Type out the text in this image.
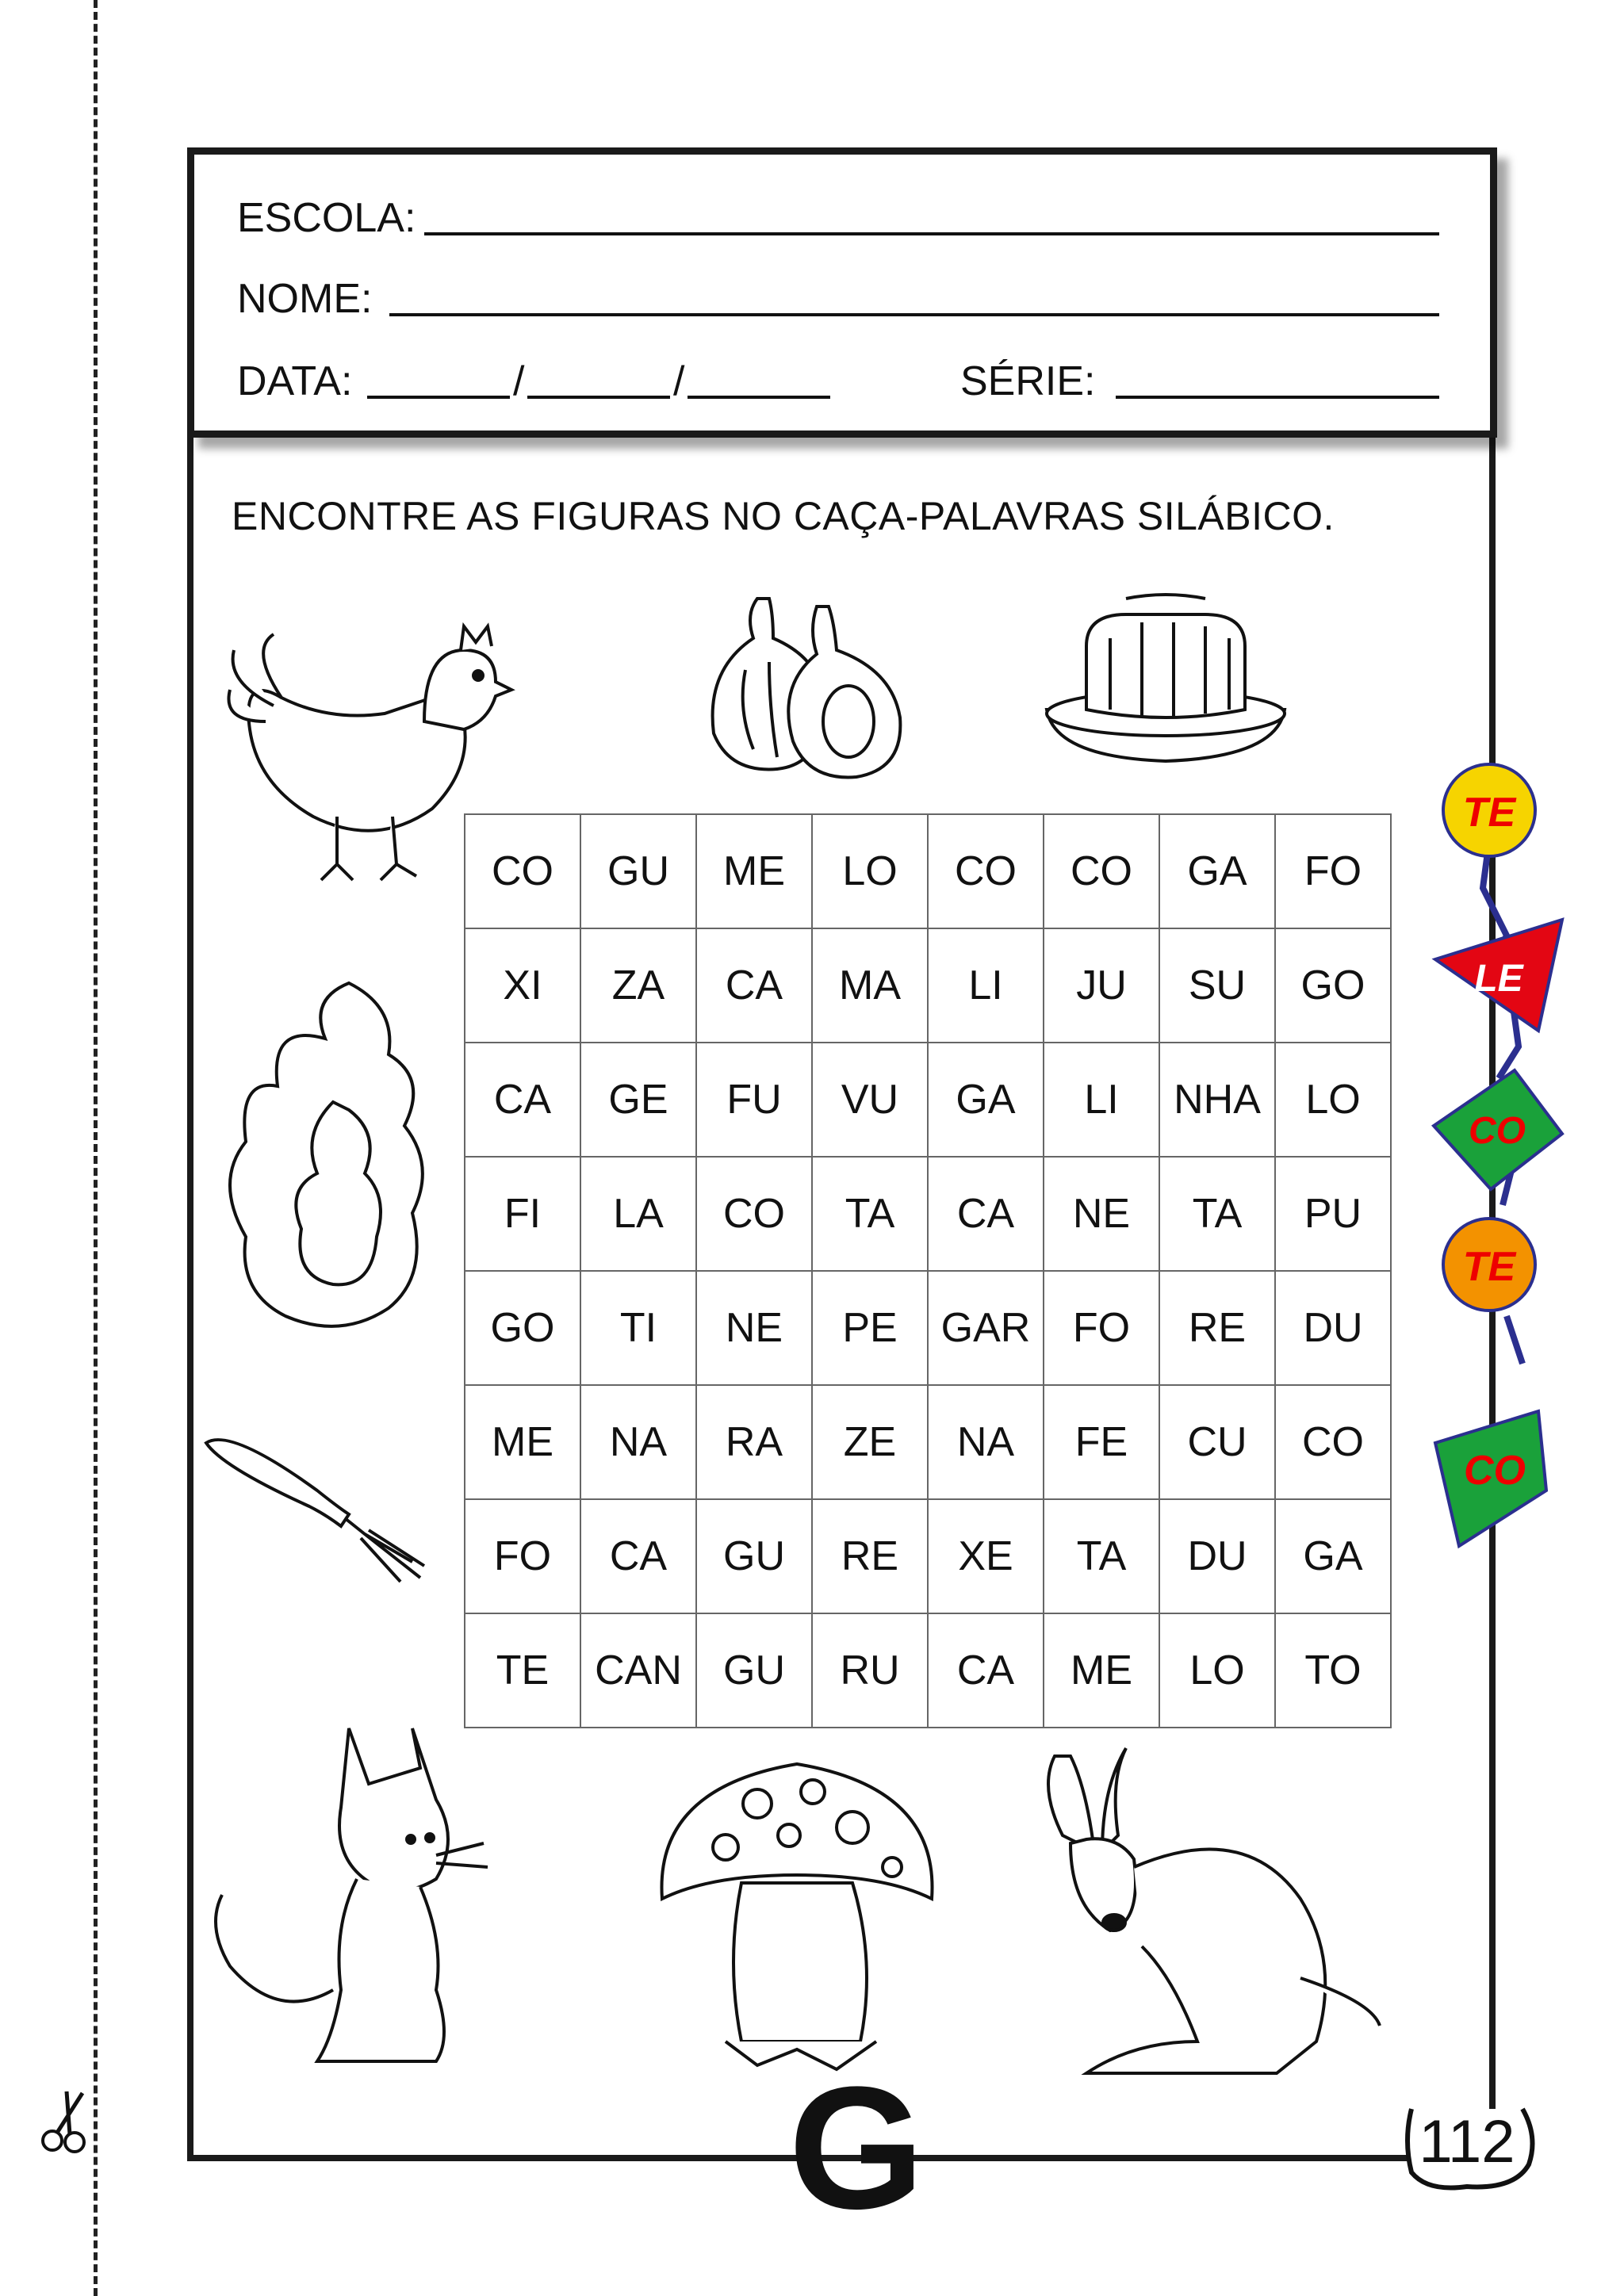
ESCOLA:
NOME:
DATA:	/	/	SÉRIE:
ENCONTRE AS FIGURAS NO CAÇA-PALAVRAS SILÁBICO.
CO	GU	ME	LO	CO	CO	GA	FO
XI	ZA	CA	MA	LI	JU	SU	GO
CA	GE	FU	VU	GA	LI	NHA	LO
FI	LA	CO	TA	CA	NE	TA	PU
GO	TI	NE	PE	GAR	FO	RE	DU
ME	NA	RA	ZE	NA	FE	CU	CO
FO	CA	GU	RE	XE	TA	DU	GA
TE	CAN	GU	RU	CA	ME	LO	TO
TE
LE
CO
TE
CO
G	112
